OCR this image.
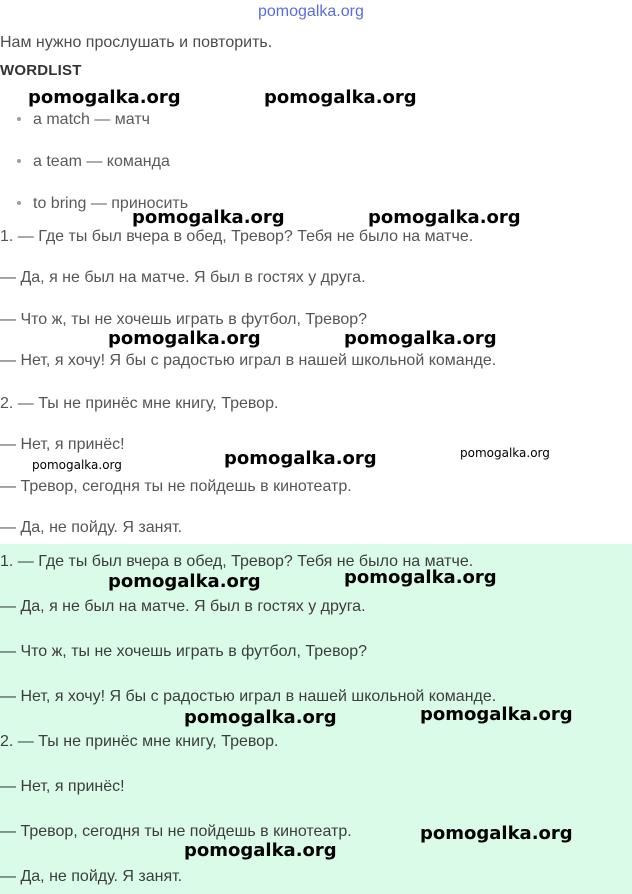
pomogalka.org
Нам нужно прослушать и повторить.
WORDLIST
a match — матч
a team — команда
to bring — приносить
1. — Где ты был вчера в обед, Тревор? Тебя не было на матче.
— Да, я не был на матче. Я был в гостях у друга.
— Что ж, ты не хочешь играть в футбол, Тревор?
— Нет, я хочу! Я бы с радостью играл в нашей школьной команде.
2. — Ты не принёс мне книгу, Тревор.
— Нет, я принёс!
— Тревор, сегодня ты не пойдешь в кинотеатр.
— Да, не пойду. Я занят.
1. — Где ты был вчера в обед, Тревор? Тебя не было на матче.
— Да, я не был на матче. Я был в гостях у друга.
— Что ж, ты не хочешь играть в футбол, Тревор?
— Нет, я хочу! Я бы с радостью играл в нашей школьной команде.
2. — Ты не принёс мне книгу, Тревор.
— Нет, я принёс!
— Тревор, сегодня ты не пойдешь в кинотеатр.
— Да, не пойду. Я занят.
pomogalka.org	pomogalka.org
pomogalka.org	pomogalka.org
pomogalka.org	pomogalka.org
pomogalka.org
pomogalka.org
pomogalka.org
pomogalka.org	pomogalka.org
pomogalka.org	pomogalka.org
pomogalka.org
pomogalka.org
